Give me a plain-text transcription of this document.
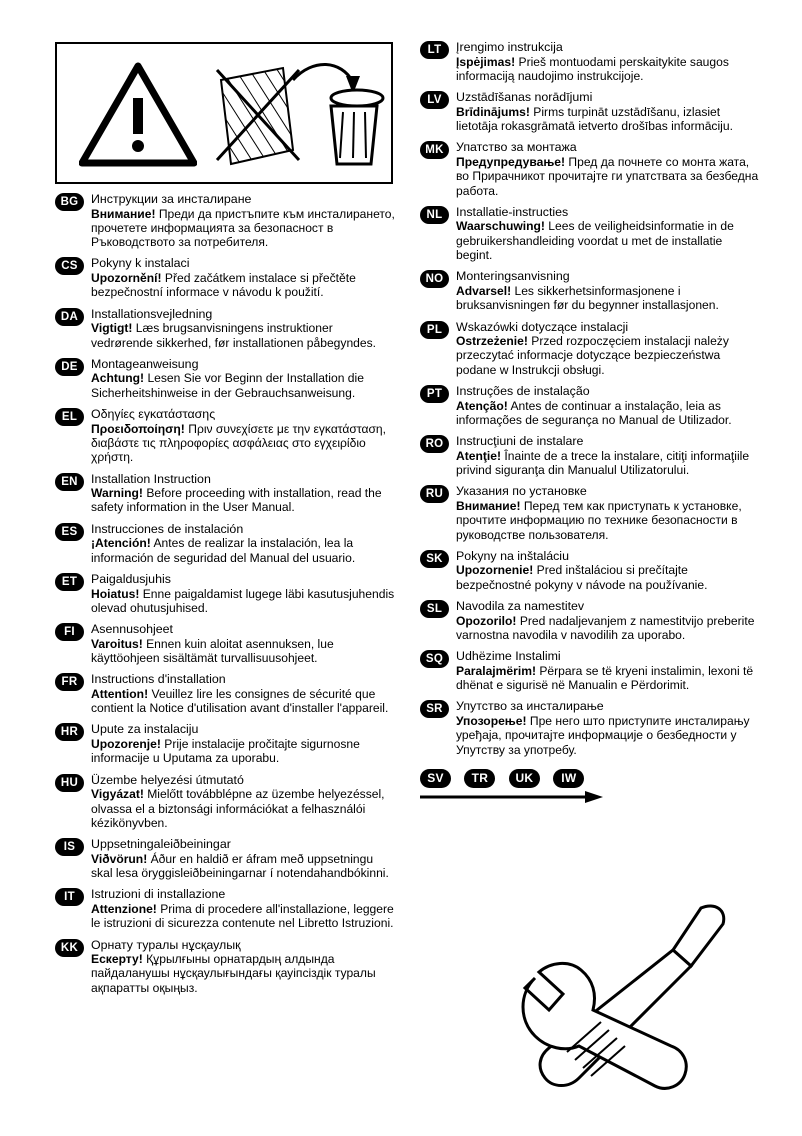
BG	Инструкции за инсталиране
Внимание! Преди да пристъпите към инсталирането, прочетете информацията за безопасност в Ръководството за потребителя.
CS	Pokyny k instalaci
Upozornění! Před začátkem instalace si přečtěte bezpečnostní informace v návodu k použití.
DA	Installationsvejledning
Vigtigt! Læs brugsanvisningens instruktioner vedrørende sikkerhed, før installationen påbegyndes.
DE	Montageanweisung
Achtung! Lesen Sie vor Beginn der Installation die Sicherheitshinweise in der Gebrauchsanweisung.
EL	Οδηγίες εγκατάστασης
Προειδοποίηση! Πριν συνεχίσετε με την εγκατάσταση, διαβάστε τις πληροφορίες ασφάλειας στο εγχειρίδιο χρήστη.
EN	Installation Instruction
Warning! Before proceeding with installation, read the safety information in the User Manual.
ES	Instrucciones de instalación
¡Atención! Antes de realizar la instalación, lea la información de seguridad del Manual del usuario.
ET	Paigaldusjuhis
Hoiatus! Enne paigaldamist lugege läbi kasutusjuhendis olevad ohutusjuhised.
FI	Asennusohjeet
Varoitus! Ennen kuin aloitat asennuksen, lue käyttöohjeen sisältämät turvallisuusohjeet.
FR	Instructions d'installation
Attention! Veuillez lire les consignes de sécurité que contient la Notice d'utilisation avant d'installer l'appareil.
HR	Upute za instalaciju
Upozorenje! Prije instalacije pročitajte sigurnosne informacije u Uputama za uporabu.
HU	Üzembe helyezési útmutató
Vigyázat! Mielőtt továbblépne az üzembe helyezéssel, olvassa el a biztonsági információkat a felhasználói kézikönyvben.
IS	Uppsetningaleiðbeiningar
Viðvörun! Áður en haldið er áfram með uppsetningu skal lesa öryggisleiðbeiningarnar í notendahandbókinni.
IT	Istruzioni di installazione
Attenzione! Prima di procedere all'installazione, leggere le istruzioni di sicurezza contenute nel Libretto Istruzioni.
KK	Орнату туралы нұсқаулық
Ескерту! Құрылғыны орнатардың алдында пайдаланушы нұсқаулығындағы қауіпсіздік туралы ақпаратты оқыңыз.
LT	Įrengimo instrukcija
Įspėjimas! Prieš montuodami perskaitykite saugos informaciją naudojimo instrukcijoje.
LV	Uzstādīšanas norādījumi
Brīdinājums! Pirms turpināt uzstādīšanu, izlasiet lietotāja rokasgrāmatā ietverto drošības informāciju.
MK Упатство за монтажа
Предупредување! Пред да почнете со монта жата, во Прирачникот прочитајте ги упатствата за безбедна работа.
NL	Installatie-instructies
Waarschuwing! Lees de veiligheidsinformatie in de gebruikershandleiding voordat u met de installatie begint.
NO	Monteringsanvisning
Advarsel! Les sikkerhetsinformasjonene i bruksanvisningen før du begynner installasjonen.
PL	Wskazówki dotyczące instalacji
Ostrzeżenie! Przed rozpoczęciem instalacji należy przeczytać informacje dotyczące bezpieczeństwa podane w Instrukcji obsługi.
PT	Instruções de instalação
Atenção! Antes de continuar a instalação, leia as informações de segurança no Manual de Utilizador.
RO	Instrucţiuni de instalare
Atenţie! Înainte de a trece la instalare, citiţi informaţiile privind siguranţa din Manualul Utilizatorului.
RU	Указания по установке
Внимание! Перед тем как приступать к установке, прочтите информацию по технике безопасности в руководстве пользователя.
SK	Pokyny na inštaláciu
Upozornenie! Pred inštaláciou si prečítajte bezpečnostné pokyny v návode na používanie.
SL	Navodila za namestitev
Opozorilo! Pred nadaljevanjem z namestitvijo preberite varnostna navodila v navodilih za uporabo.
SQ	Udhëzime Instalimi
Paralajmërim! Përpara se të kryeni instalimin, lexoni të dhënat e sigurisë në Manualin e Përdorimit.
SR	Упутство за инсталирање
Упозорење! Пре него што приступите инсталирању уређаја, прочитајте информације о безбедности у Упутству за употребу.
SV TR UK IW
